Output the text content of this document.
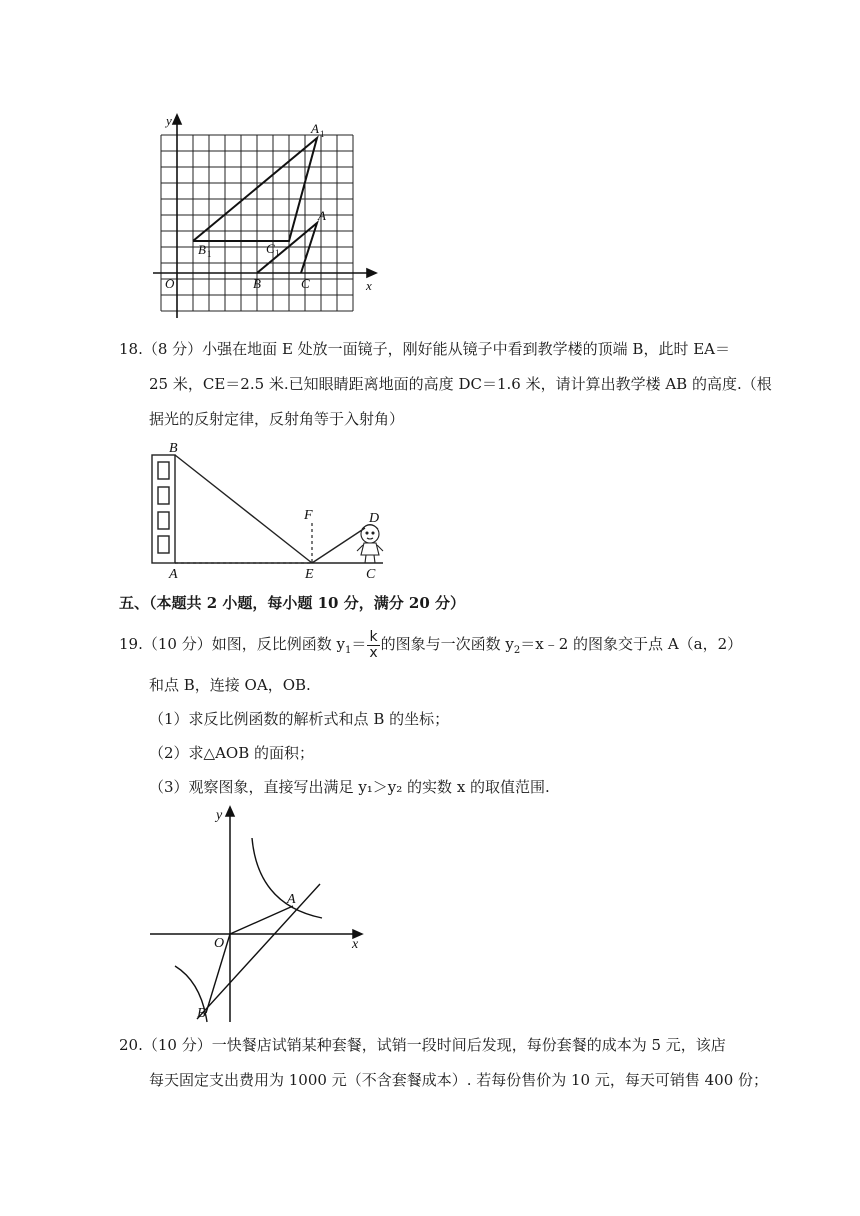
y
x
O
A 1
A
B 1	C 1
B	C
18.（8 分）小强在地面 E 处放一面镜子，刚好能从镜子中看到教学楼的顶端 B，此时 EA＝
25 米，CE＝2.5 米.已知眼睛距离地面的高度 DC＝1.6 米，请计算出教学楼 AB 的高度.（根
据光的反射定律，反射角等于入射角）
B
A	E
F	D
C
五、（本题共 2 小题，每小题 10 分，满分 20 分）
19.（10 分）如图，反比例函数 $y_1= \frac{k}{x}$ 的图象与一次函数 $y_2=x﹣2$ 的图象交于点 A（a，2）
和点 B，连接 OA，OB.
（1）求反比例函数的解析式和点 B 的坐标；
（2）求△AOB 的面积；
（3）观察图象，直接写出满足 y₁＞y₂ 的实数 x 的取值范围.
y
x
O
A
B
20.（10 分）一快餐店试销某种套餐，试销一段时间后发现，每份套餐的成本为 5 元，该店
每天固定支出费用为 1000 元（不含套餐成本）. 若每份售价为 10 元，每天可销售 400 份；
